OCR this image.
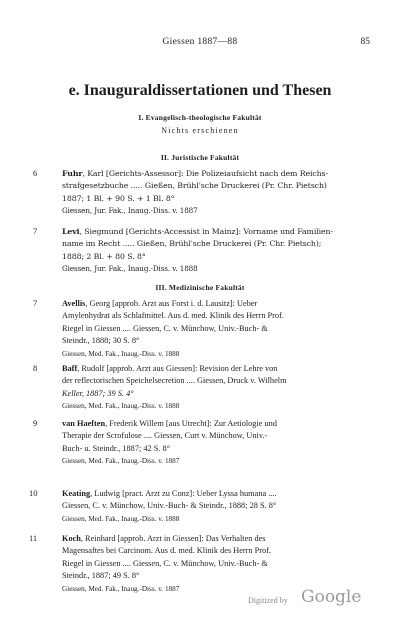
Giessen 1887—88	85
e. Inauguraldissertationen und Thesen
I. Evangelisch-theologische Fakultät
Nichts erschienen
II. Juristische Fakultät
6	Fuhr, Karl [Gerichts-Assessor]: Die Polizeiaufsicht nach dem Reichs-
strafgesetzbuche ..... Gießen, Brühl'sche Druckerei (Pr. Chr. Pietsch)
1887; 1 Bl. + 90 S. + 1 Bl. 8°
Giessen, Jur. Fak., Inaug.-Diss. v. 1887
7	Levi, Siegmund [Gerichts-Accessist in Mainz]: Vorname und Familien-
name im Recht ..... Gießen, Brühl'sche Druckerei (Pr. Chr. Pietsch);
1888; 2 Bl. + 80 S. 8°
Giessen, Jur. Fak., Inaug.-Diss. v. 1888
III. Medizinische Fakultät
7	Avellis, Georg [approb. Arzt aus Forst i. d. Lausitz]: Ueber
Amylenhydrat als Schlafmittel. Aus d. med. Klinik des Herrn Prof.
Riegel in Giessen .... Giessen, C. v. Münchow, Univ.-Buch- &
Steindr., 1888; 30 S. 8°
Giessen, Med. Fak., Inaug.-Diss. v. 1888
8	Baff, Rudolf [approb. Arzt aus Giessen]: Revision der Lehre von
der reflectorischen Speichelsecretion .... Giessen, Druck v. Wilhelm
Keller, 1887; 39 S. 4°
Giessen, Med. Fak., Inaug.-Diss. v. 1888
9	van Haeften, Frederik Willem [aus Utrecht]: Zur Aetiologie und
Therapie der Scrofulose .... Giessen, Curt v. Münchow, Univ.-
Buch- u. Steindr., 1887; 42 S. 8°
Giessen, Med. Fak., Inaug.-Diss. v. 1887
10	Keating, Ludwig [pract. Arzt zu Conz]: Ueber Lyssa humana ....
Giessen, C. v. Münchow, Univ.-Buch- & Steindr., 1888; 28 S. 8°
Giessen, Med. Fak., Inaug.-Diss. v. 1888
11	Koch, Reinhard [approb. Arzt in Giessen]: Das Verhalten des
Magensaftes bei Carcinom. Aus d. med. Klinik des Herrn Prof.
Riegel in Giessen .... Giessen, C. v. Münchow, Univ.-Buch- &
Steindr., 1887; 49 S. 8°
Giessen, Med. Fak., Inaug.-Diss. v. 1887
Digitized by Google
